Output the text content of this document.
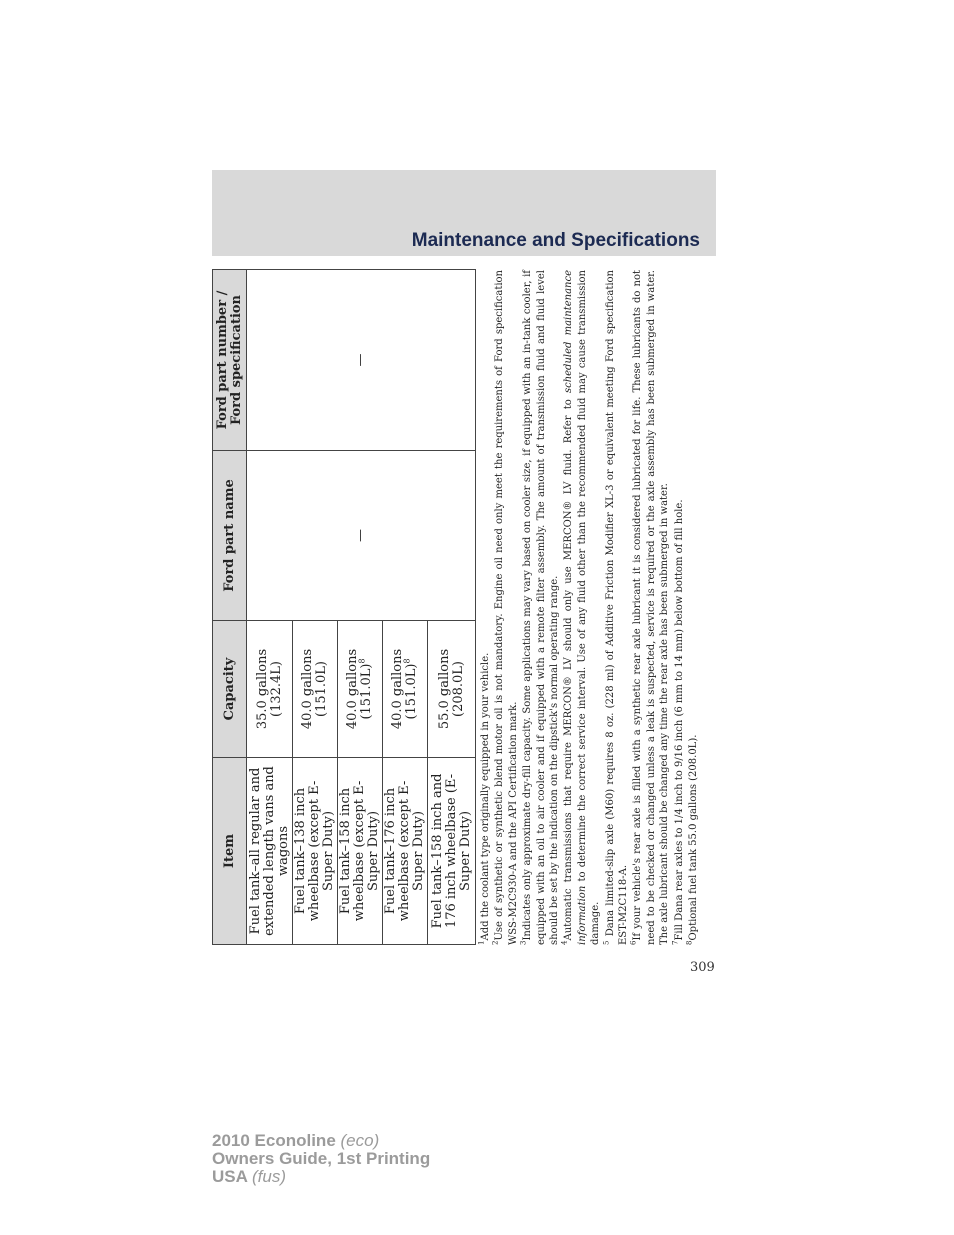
Maintenance and Specifications
Item	Capacity	Ford part name	Ford part number / Ford specification
Fuel tank–all regular and extended length vans and wagons	35.0 gallons (132.4L)	—	—
Fuel tank–138 inch wheelbase (except E-Super Duty)	40.0 gallons (151.0L)		
Fuel tank–158 inch wheelbase (except E-Super Duty)	40.0 gallons $(151.0L)^8$
Fuel tank–176 inch wheelbase (except E-Super Duty)	40.0 gallons $(151.0L)^8$
Fuel tank–158 inch and 176 inch wheelbase (E-Super Duty)	55.0 gallons (208.0L)		

$^1$Add the coolant type originally equipped in your vehicle.

$^2$Use of synthetic or synthetic blend motor oil is not mandatory. Engine oil need only meet the requirements of Ford specification WSS-M2C930-A and the API Certification mark. $^3$Indicates only approximate dry-fill capacity. Some applications may vary based on cooler size, if equipped with an in-tank cooler, if equipped with an oil to air cooler and if equipped with a remote filter assembly. The amount of transmission fluid and fluid level should be set by the indication on the dipstick's normal operating range. $^4$Automatic transmissions that require MERCON® LV should only use MERCON® LV fluid. Refer to scheduled maintenance information to determine the correct service interval. Use of any fluid other than the recommended fluid may cause transmission damage. $^5$ Dana limited-slip axle (M60) requires 8 oz. (228 ml) of Additive Friction Modifier XL-3 or equivalent meeting Ford specification EST-M2C118-A. $^6$If your vehicle's rear axle is filled with a synthetic rear axle lubricant it is considered lubricated for life. These lubricants do not need to be checked or changed unless a leak is suspected, service is required or the axle assembly has been submerged in water. The axle lubricant should be changed any time the rear axle has been submerged in water. $^7$Fill Dana rear axles to 1/4 inch to 9/16 inch (6 mm to 14 mm) below bottom of fill hole.

$^8$Optional fuel tank 55.0 gallons (208.0L).

309
2010 Econoline (eco)
Owners Guide, 1st Printing
USA (fus)
